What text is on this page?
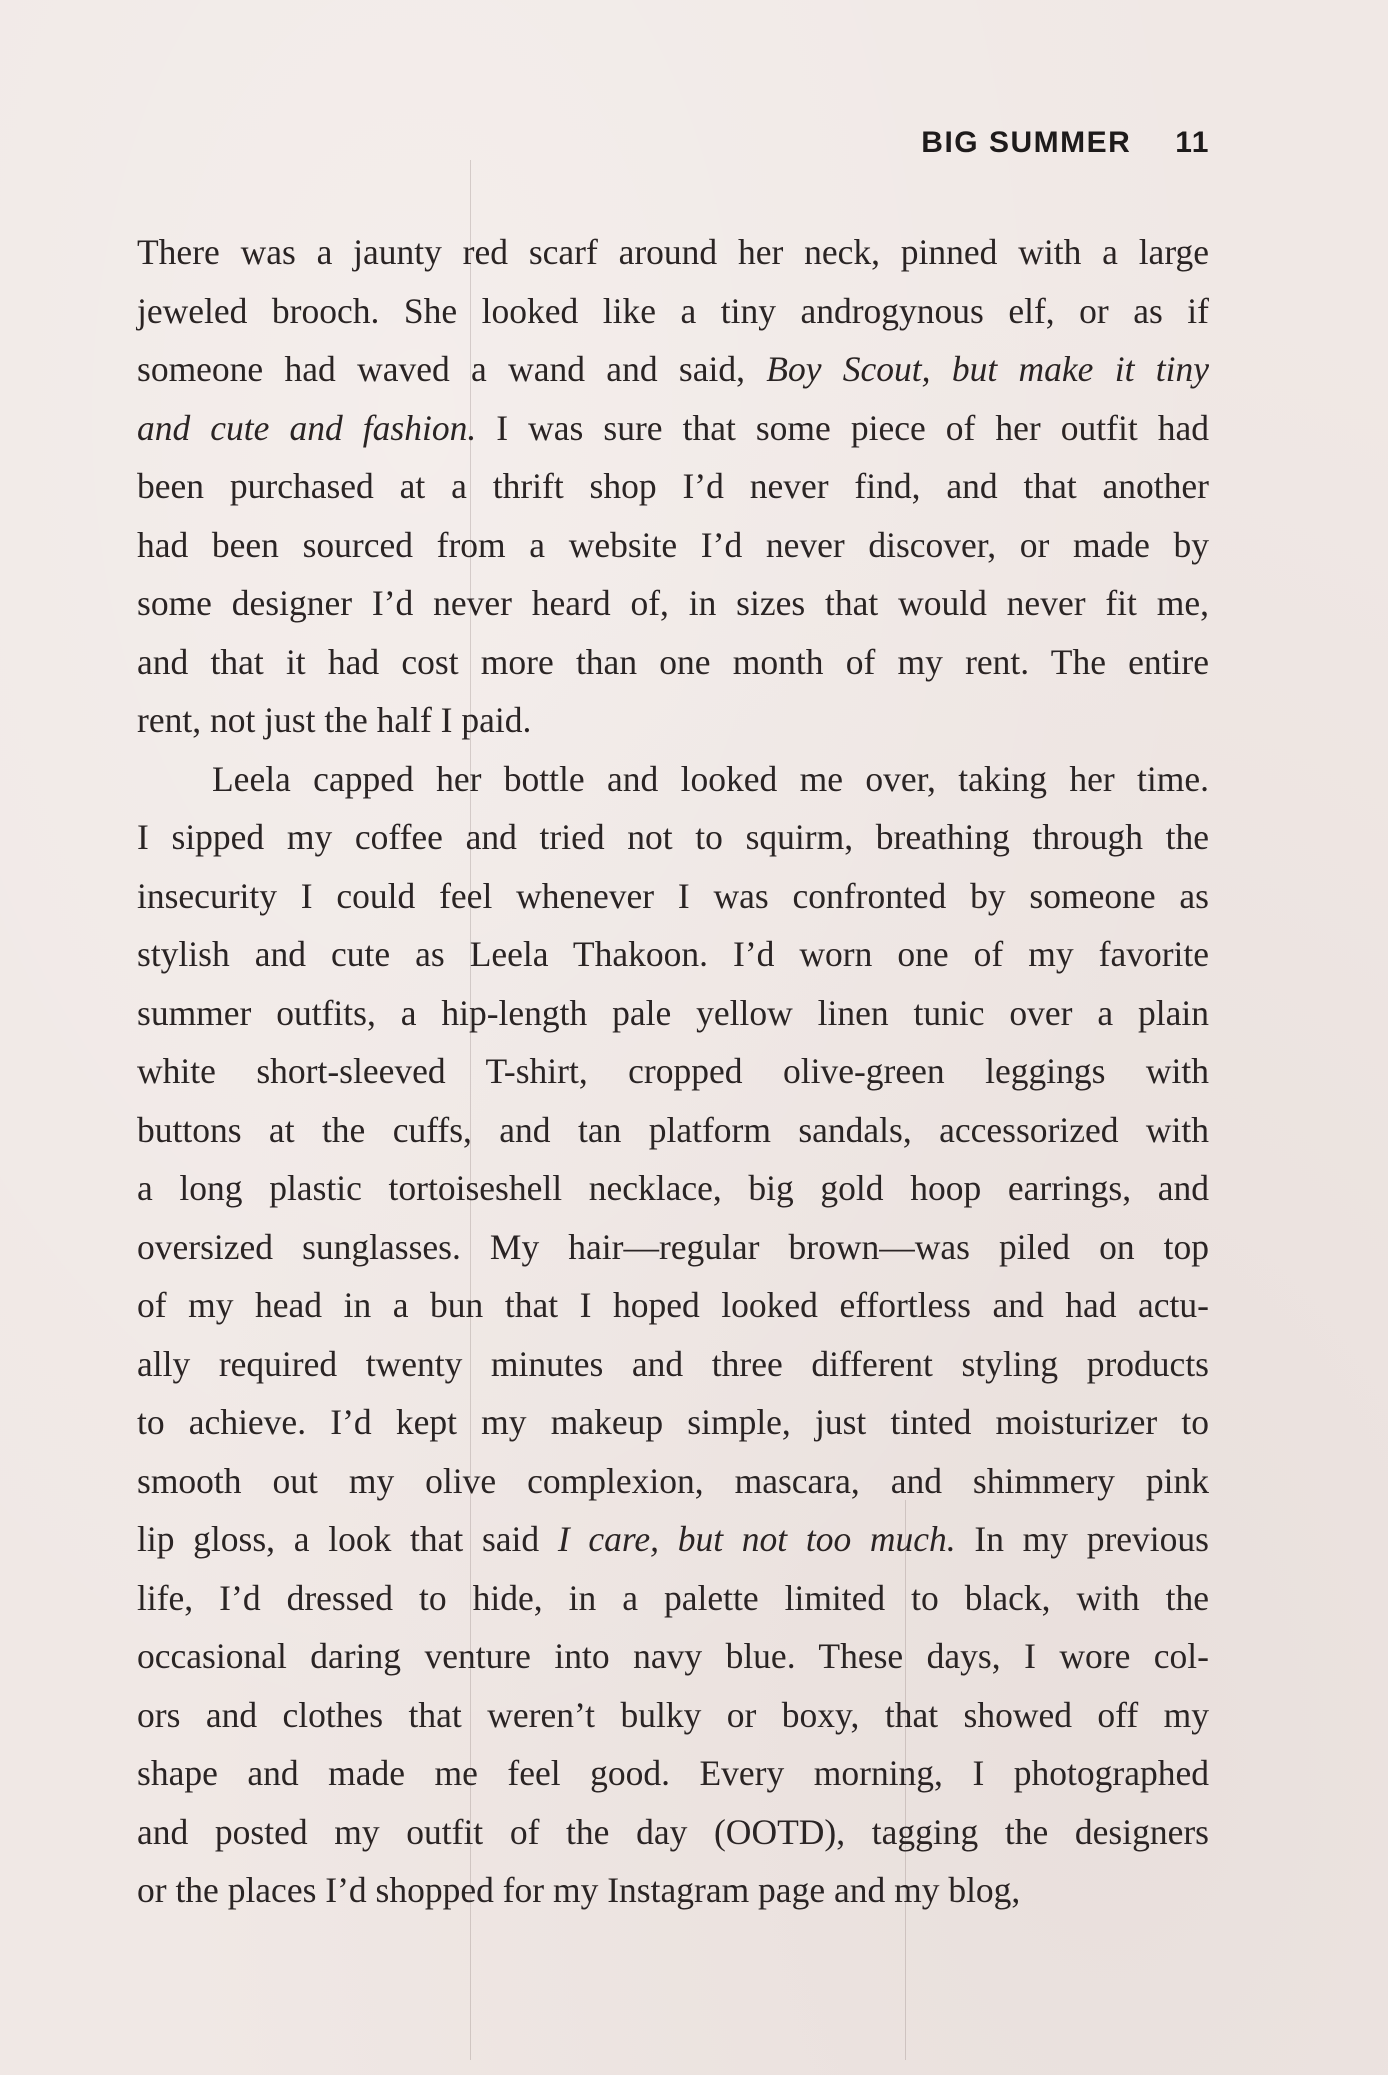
BIG SUMMER 11
There was a jaunty red scarf around her neck, pinned with a large
jeweled brooch. She looked like a tiny androgynous elf, or as if
someone had waved a wand and said, Boy Scout, but make it tiny
and cute and fashion. I was sure that some piece of her outfit had
been purchased at a thrift shop I’d never find, and that another
had been sourced from a website I’d never discover, or made by
some designer I’d never heard of, in sizes that would never fit me,
and that it had cost more than one month of my rent. The entire
rent, not just the half I paid.
Leela capped her bottle and looked me over, taking her time.
I sipped my coffee and tried not to squirm, breathing through the
insecurity I could feel whenever I was confronted by someone as
stylish and cute as Leela Thakoon. I’d worn one of my favorite
summer outfits, a hip-length pale yellow linen tunic over a plain
white short-sleeved T-shirt, cropped olive-green leggings with
buttons at the cuffs, and tan platform sandals, accessorized with
a long plastic tortoiseshell necklace, big gold hoop earrings, and
oversized sunglasses. My hair—regular brown—was piled on top
of my head in a bun that I hoped looked effortless and had actu-
ally required twenty minutes and three different styling products
to achieve. I’d kept my makeup simple, just tinted moisturizer to
smooth out my olive complexion, mascara, and shimmery pink
lip gloss, a look that said I care, but not too much. In my previous
life, I’d dressed to hide, in a palette limited to black, with the
occasional daring venture into navy blue. These days, I wore col-
ors and clothes that weren’t bulky or boxy, that showed off my
shape and made me feel good. Every morning, I photographed
and posted my outfit of the day (OOTD), tagging the designers
or the places I’d shopped for my Instagram page and my blog,
